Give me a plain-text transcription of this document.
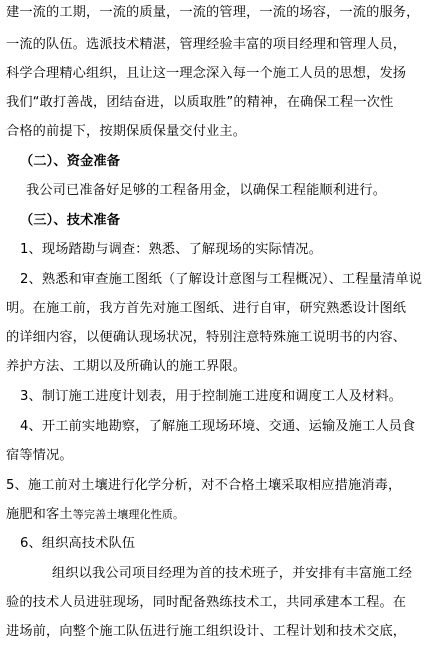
建一流的工期，一流的质量，一流的管理，一流的场容，一流的服务，
一流的队伍。选派技术精湛，管理经验丰富的项目经理和管理人员，
科学合理精心组织，且让这一理念深入每一个施工人员的思想，发扬
我们“敢打善战，团结奋进，以质取胜”的精神，在确保工程一次性
合格的前提下，按期保质保量交付业主。
（二）、资金准备
我公司已准备好足够的工程备用金，以确保工程能顺利进行。
（三）、技术准备
1、现场踏勘与调查：熟悉、了解现场的实际情况。
2、熟悉和审查施工图纸（了解设计意图与工程概况）、工程量清单说
明。在施工前，我方首先对施工图纸、进行自审，研究熟悉设计图纸
的详细内容，以便确认现场状况，特别注意特殊施工说明书的内容、
养护方法、工期以及所确认的施工界限。
3、制订施工进度计划表，用于控制施工进度和调度工人及材料。
4、开工前实地勘察，了解施工现场环境、交通、运输及施工人员食
宿等情况。
5、施工前对土壤进行化学分析，对不合格土壤采取相应措施消毒，
施肥和客土等完善土壤理化性质。
6、组织高技术队伍
组织以我公司项目经理为首的技术班子，并安排有丰富施工经
验的技术人员进驻现场，同时配备熟练技术工，共同承建本工程。在
进场前，向整个施工队伍进行施工组织设计、工程计划和技术交底，
